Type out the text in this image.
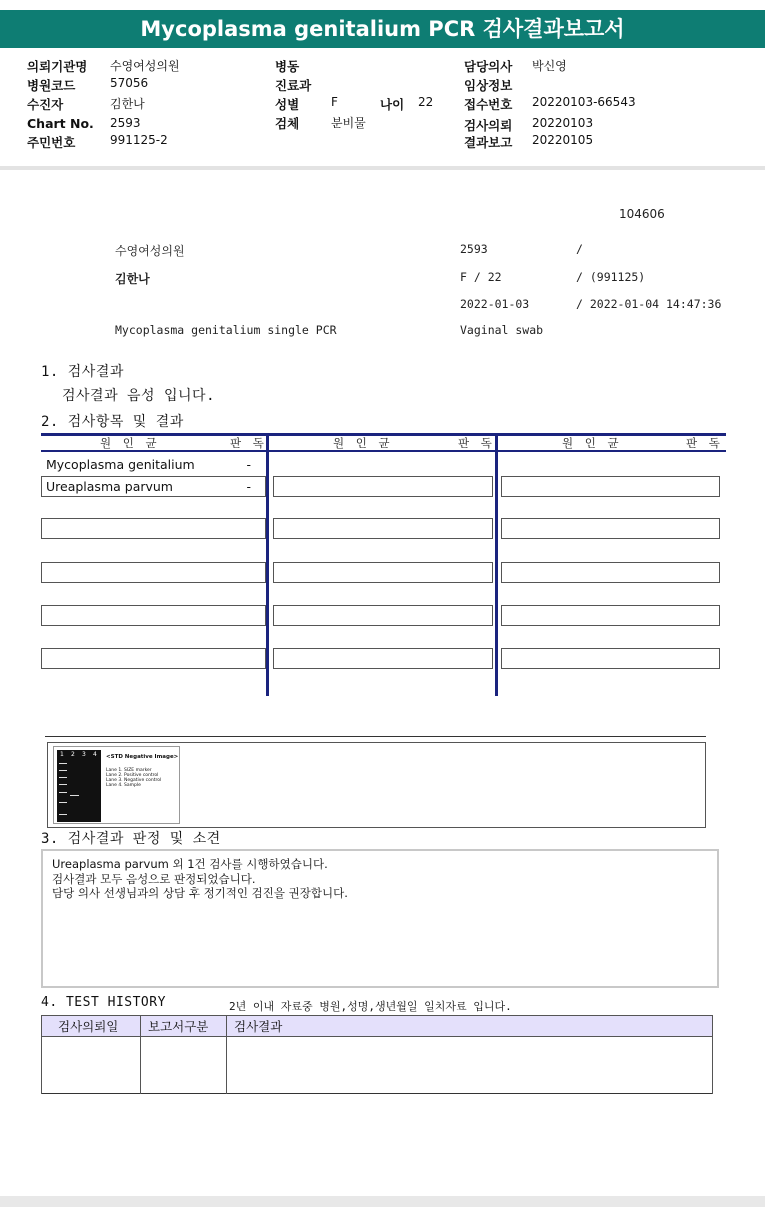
Mycoplasma genitalium PCR 검사결과보고서
의뢰기관명 수영여성의원
병원코드	57056
수진자	김한나
Chart No. 2593
주민번호	991125-2
병동
진료과
성별	F	나이 22
검체	분비물
담당의사 박신영
임상정보
접수번호 20220103-66543
검사의뢰 20220103
결과보고 20220105
104606
수영여성의원	2593	/
김한나	F / 22	/ (991125)
2022-01-03	/ 2022-01-04 14:47:36
Mycoplasma genitalium single PCR	Vaginal swab
1. 검사결과
검사결과 음성 입니다.
2. 검사항목 및 결과
원 인 균	판 독	원 인 균	판 독	원 인 균	판 독
Mycoplasma genitalium	-
Ureaplasma parvum	-
1 2 3 4 <STD Negative Image>
Lane 1. SIZE marker
Lane 2. Positive control
Lane 3. Negative control
Lane 4. Sample
3. 검사결과 판정 및 소견
Ureaplasma parvum 외 1건 검사를 시행하였습니다.
검사결과 모두 음성으로 판정되었습니다.
담당 의사 선생님과의 상담 후 정기적인 검진을 권장합니다.
4. TEST HISTORY	2년 이내 자료중 병원,성명,생년월일 일치자료 입니다.
검사의뢰일 보고서구분 검사결과
